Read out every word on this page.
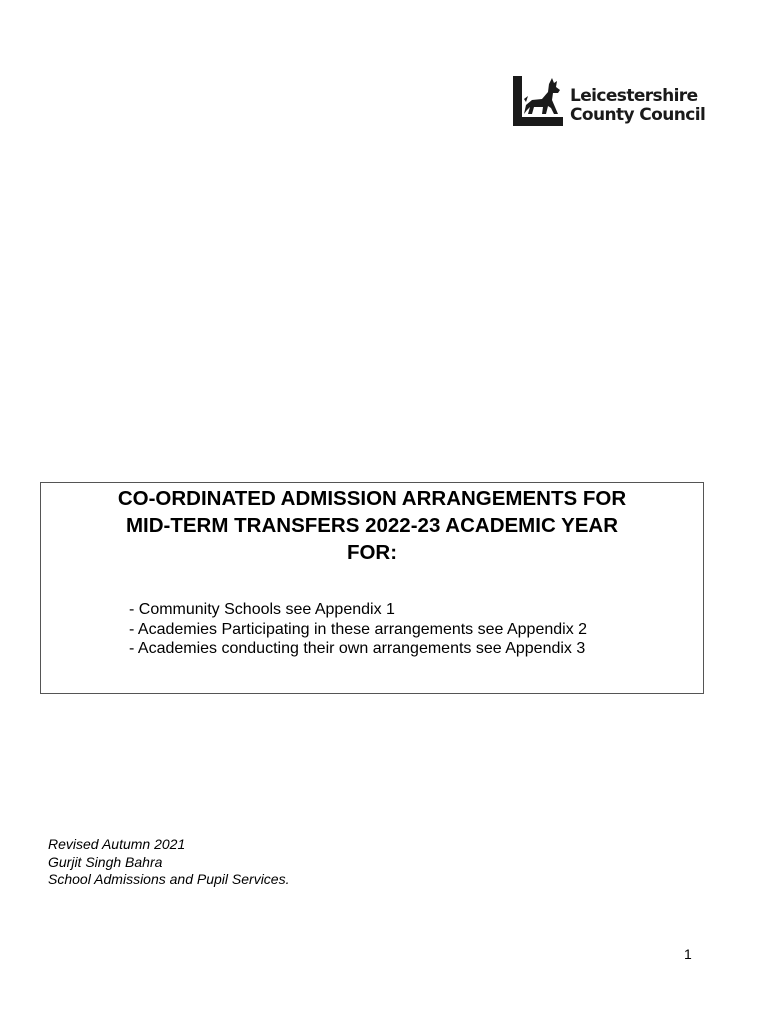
Leicestershire
County Council
CO-ORDINATED ADMISSION ARRANGEMENTS FOR
MID-TERM TRANSFERS 2022-23 ACADEMIC YEAR
FOR:
- Community Schools see Appendix 1
- Academies Participating in these arrangements see Appendix 2
- Academies conducting their own arrangements see Appendix 3
Revised Autumn 2021
Gurjit Singh Bahra
School Admissions and Pupil Services.
1
